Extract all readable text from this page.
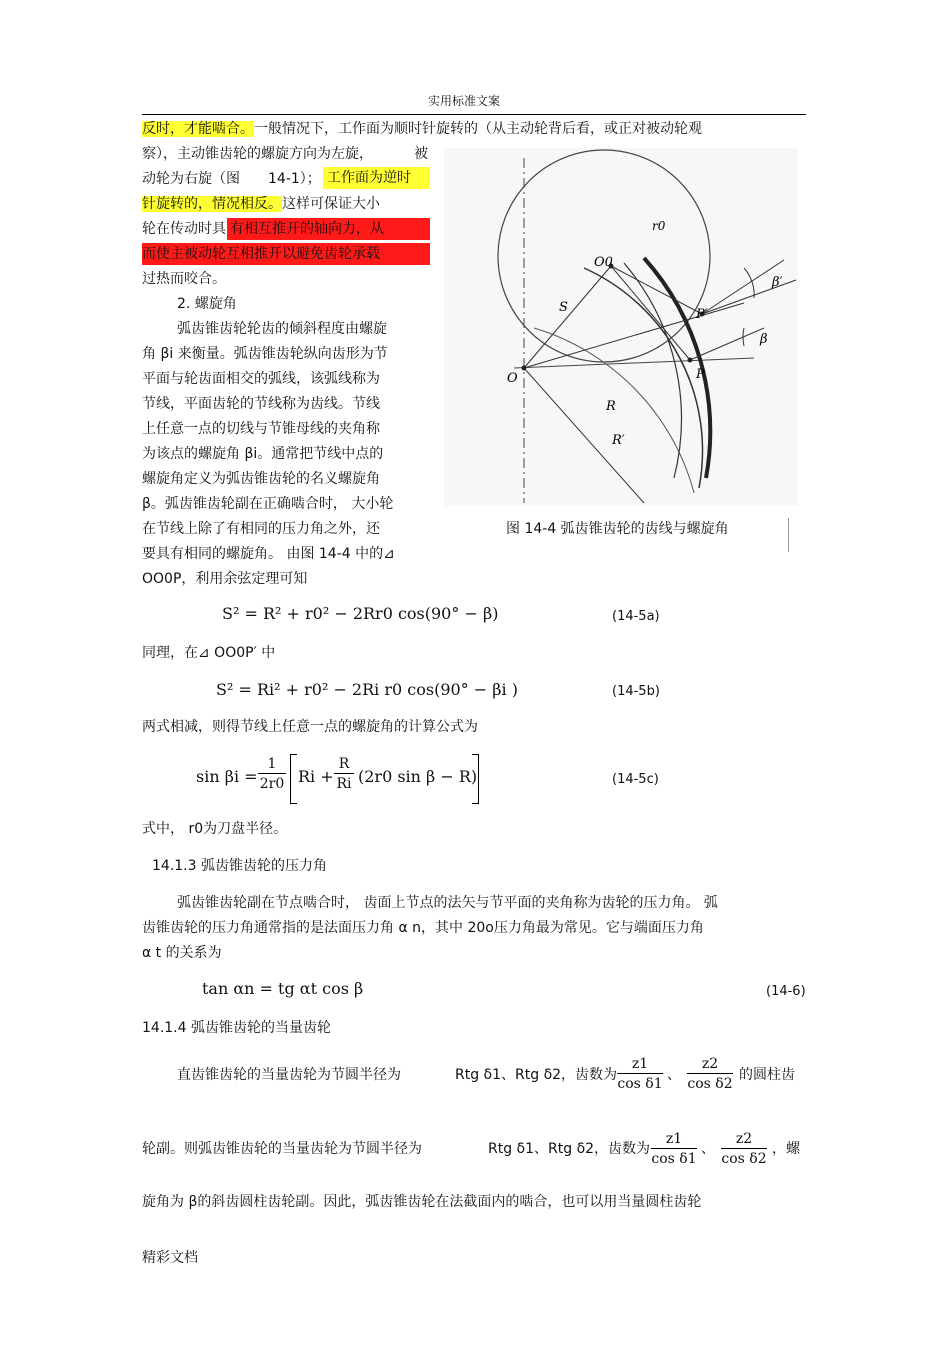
实用标准文案
反时，才能啮合。一般情况下，工作面为顺时针旋转的（从主动轮背后看，或正对被动轮观
察），主动锥齿轮的螺旋方向为左旋，	被
动轮为右旋（图 14-1）； 工作面为逆时
针旋转的，情况相反。这样可保证大小
轮在传动时具 有相互推开的轴向力，从
而使主被动轮互相推开以避免齿轮承载
过热而咬合。
2. 螺旋角
弧齿锥齿轮轮齿的倾斜程度由螺旋
角 βi 来衡量。弧齿锥齿轮纵向齿形为节
平面与轮齿面相交的弧线，该弧线称为
节线，平面齿轮的节线称为齿线。节线
上任意一点的切线与节锥母线的夹角称
为该点的螺旋角 βi。通常把节线中点的
螺旋角定义为弧齿锥齿轮的名义螺旋角
β。弧齿锥齿轮副在正确啮合时， 大小轮
在节线上除了有相同的压力角之外，还
要具有相同的螺旋角。 由图 14-4 中的⊿
OO0P，利用余弦定理可知
r0
O0
S
O	P
P′
R
R′
β
β′
图 14-4 弧齿锥齿轮的齿线与螺旋角
S² = R² + r0² − 2Rr0 cos(90° − β)	(14-5a)
同理，在⊿ OO0P′ 中
S² = Ri² + r0² − 2Ri r0 cos(90° − βi )	(14-5b)
两式相减，则得节线上任意一点的螺旋角的计算公式为
sin βi =
1
2r0 Ri +
R
Ri (2r0 sin β − R)	(14-5c)
式中， r0为刀盘半径。
14.1.3 弧齿锥齿轮的压力角
弧齿锥齿轮副在节点啮合时， 齿面上节点的法矢与节平面的夹角称为齿轮的压力角。 弧
齿锥齿轮的压力角通常指的是法面压力角 α n，其中 20o压力角最为常见。它与端面压力角
α t 的关系为
tan αn = tg αt cos β	(14-6)
14.1.4 弧齿锥齿轮的当量齿轮
直齿锥齿轮的当量齿轮为节圆半径为	Rtg δ1、Rtg δ2，齿数为
z1
cos δ1
、
z2
cos δ2
的圆柱齿
轮副。则弧齿锥齿轮的当量齿轮为节圆半径为	Rtg δ1、Rtg δ2，齿数为
z1
cos δ1
、
z2
cos δ2
，螺
旋角为 β的斜齿圆柱齿轮副。因此，弧齿锥齿轮在法截面内的啮合，也可以用当量圆柱齿轮
精彩文档
